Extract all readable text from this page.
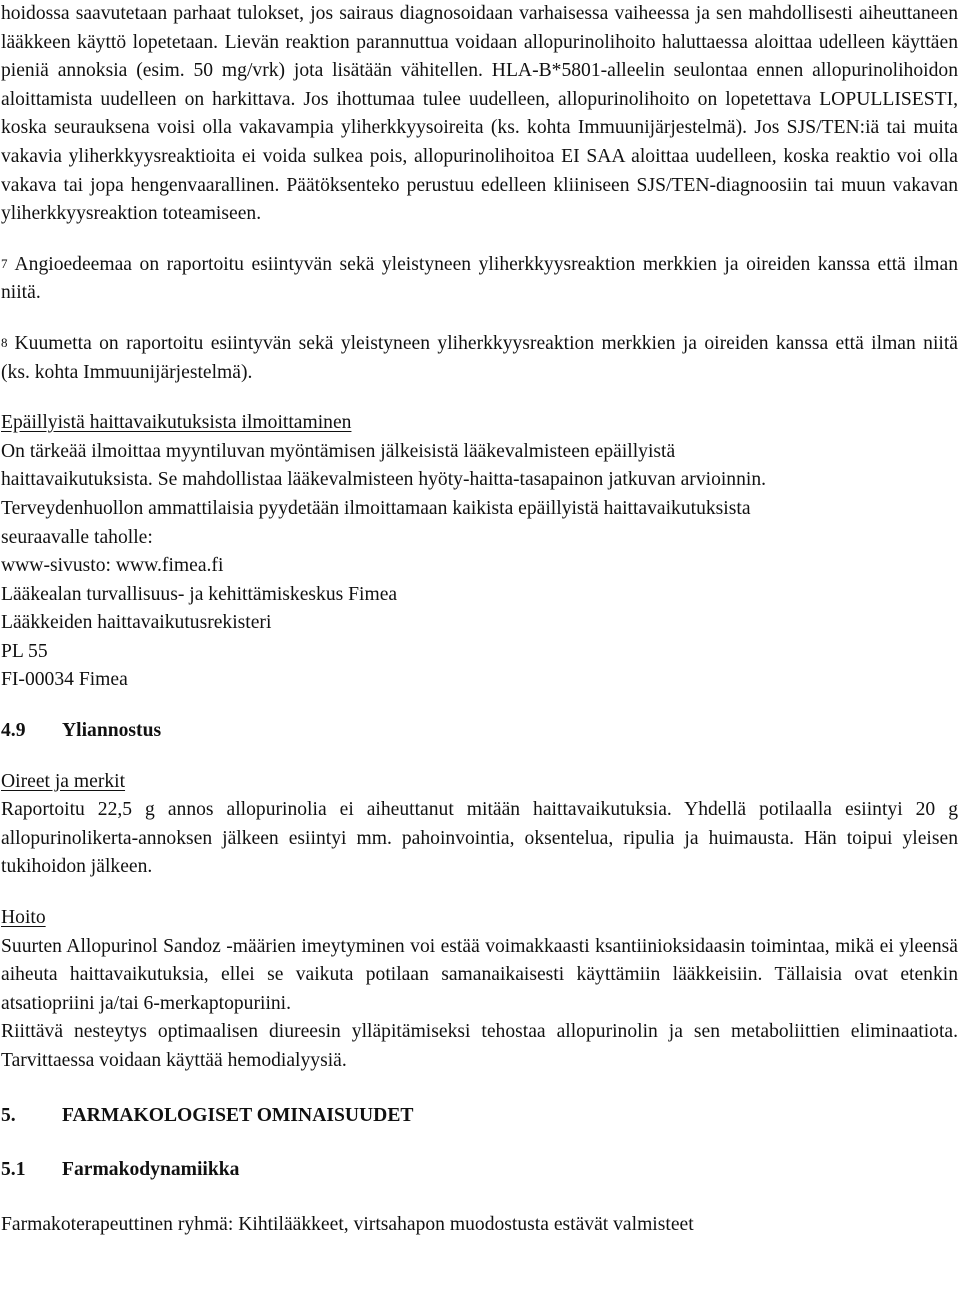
hoidossa saavutetaan parhaat tulokset, jos sairaus diagnosoidaan varhaisessa vaiheessa ja sen mahdollisesti aiheuttaneen lääkkeen käyttö lopetetaan. Lievän reaktion parannuttua voidaan allopurinolihoito haluttaessa aloittaa udelleen käyttäen pieniä annoksia (esim. 50 mg/vrk) jota lisätään vähitellen. HLA-B*5801-alleelin seulontaa ennen allopurinolihoidon aloittamista uudelleen on harkittava. Jos ihottumaa tulee uudelleen, allopurinolihoito on lopetettava LOPULLISESTI, koska seurauksena voisi olla vakavampia yliherkkyysoireita (ks. kohta Immuunijärjestelmä). Jos SJS/TEN:iä tai muita vakavia yliherkkyysreaktioita ei voida sulkea pois, allopurinolihoitoa EI SAA aloittaa uudelleen, koska reaktio voi olla vakava tai jopa hengenvaarallinen. Päätöksenteko perustuu edelleen kliiniseen SJS/TEN-diagnoosiin tai muun vakavan yliherkkyysreaktion toteamiseen.

$^7$ Angioedeemaa on raportoitu esiintyvän sekä yleistyneen yliherkkyysreaktion merkkien ja oireiden kanssa että ilman niitä.

$^8$ Kuumetta on raportoitu esiintyvän sekä yleistyneen yliherkkyysreaktion merkkien ja oireiden kanssa että ilman niitä (ks. kohta Immuunijärjestelmä).

Epäillyistä haittavaikutuksista ilmoittaminen

On tärkeää ilmoittaa myyntiluvan myöntämisen jälkeisistä lääkevalmisteen epäillyistä

haittavaikutuksista. Se mahdollistaa lääkevalmisteen hyöty-haitta-tasapainon jatkuvan arvioinnin.

Terveydenhuollon ammattilaisia pyydetään ilmoittamaan kaikista epäillyistä haittavaikutuksista

seuraavalle taholle:

www-sivusto: www.fimea.fi

Lääkealan turvallisuus- ja kehittämiskeskus Fimea

Lääkkeiden haittavaikutusrekisteri

PL 55

FI-00034 Fimea

4.9 Yliannostus

Oireet ja merkit

Raportoitu 22,5 g annos allopurinolia ei aiheuttanut mitään haittavaikutuksia. Yhdellä potilaalla esiintyi 20 g allopurinolikerta-annoksen jälkeen esiintyi mm. pahoinvointia, oksentelua, ripulia ja huimausta. Hän toipui yleisen tukihoidon jälkeen.

Hoito

Suurten Allopurinol Sandoz -määrien imeytyminen voi estää voimakkaasti ksantiinioksidaasin toimintaa, mikä ei yleensä aiheuta haittavaikutuksia, ellei se vaikuta potilaan samanaikaisesti käyttämiin lääkkeisiin. Tällaisia ovat etenkin atsatiopriini ja/tai 6-merkaptopuriini.

Riittävä nesteytys optimaalisen diureesin ylläpitämiseksi tehostaa allopurinolin ja sen metaboliittien eliminaatiota. Tarvittaessa voidaan käyttää hemodialyysiä.

5. FARMAKOLOGISET OMINAISUUDET

5.1 Farmakodynamiikka

Farmakoterapeuttinen ryhmä: Kihtilääkkeet, virtsahapon muodostusta estävät valmisteet
